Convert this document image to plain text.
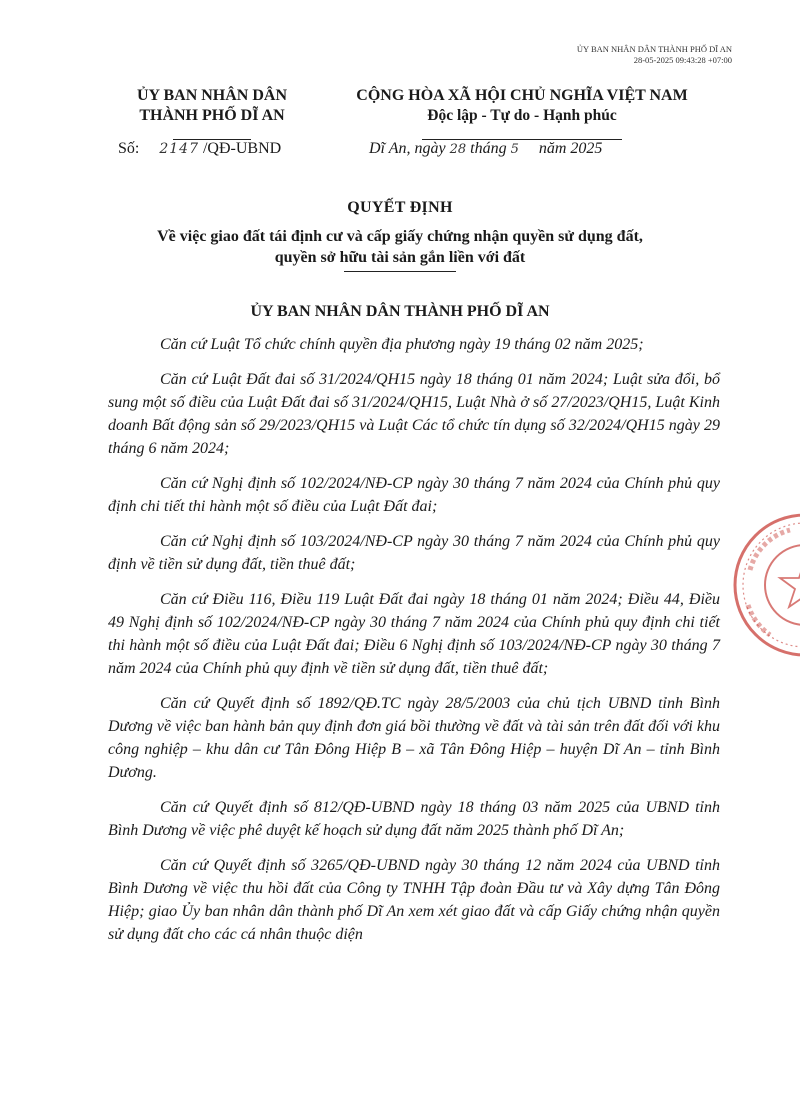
ỦY BAN NHÂN DÂN THÀNH PHỐ DĨ AN
28-05-2025 09:43:28 +07:00
ỦY BAN NHÂN DÂN
THÀNH PHỐ DĨ AN
CỘNG HÒA XÃ HỘI CHỦ NGHĨA VIỆT NAM
Độc lập - Tự do - Hạnh phúc
Số: 2147 /QĐ-UBND	Dĩ An, ngày 28 tháng 5 năm 2025
QUYẾT ĐỊNH
Về việc giao đất tái định cư và cấp giấy chứng nhận quyền sử dụng đất,
quyền sở hữu tài sản gắn liền với đất
ỦY BAN NHÂN DÂN THÀNH PHỐ DĨ AN

Căn cứ Luật Tổ chức chính quyền địa phương ngày 19 tháng 02 năm 2025;

Căn cứ Luật Đất đai số 31/2024/QH15 ngày 18 tháng 01 năm 2024; Luật sửa đổi, bổ sung một số điều của Luật Đất đai số 31/2024/QH15, Luật Nhà ở số 27/2023/QH15, Luật Kinh doanh Bất động sản số 29/2023/QH15 và Luật Các tổ chức tín dụng số 32/2024/QH15 ngày 29 tháng 6 năm 2024;

Căn cứ Nghị định số 102/2024/NĐ-CP ngày 30 tháng 7 năm 2024 của Chính phủ quy định chi tiết thi hành một số điều của Luật Đất đai;

Căn cứ Nghị định số 103/2024/NĐ-CP ngày 30 tháng 7 năm 2024 của Chính phủ quy định về tiền sử dụng đất, tiền thuê đất;

Căn cứ Điều 116, Điều 119 Luật Đất đai ngày 18 tháng 01 năm 2024; Điều 44, Điều 49 Nghị định số 102/2024/NĐ-CP ngày 30 tháng 7 năm 2024 của Chính phủ quy định chi tiết thi hành một số điều của Luật Đất đai; Điều 6 Nghị định số 103/2024/NĐ-CP ngày 30 tháng 7 năm 2024 của Chính phủ quy định về tiền sử dụng đất, tiền thuê đất;

Căn cứ Quyết định số 1892/QĐ.TC ngày 28/5/2003 của chủ tịch UBND tỉnh Bình Dương về việc ban hành bản quy định đơn giá bồi thường về đất và tài sản trên đất đối với khu công nghiệp – khu dân cư Tân Đông Hiệp B – xã Tân Đông Hiệp – huyện Dĩ An – tỉnh Bình Dương.

Căn cứ Quyết định số 812/QĐ-UBND ngày 18 tháng 03 năm 2025 của UBND tỉnh Bình Dương về việc phê duyệt kế hoạch sử dụng đất năm 2025 thành phố Dĩ An;

Căn cứ Quyết định số 3265/QĐ-UBND ngày 30 tháng 12 năm 2024 của UBND tỉnh Bình Dương về việc thu hồi đất của Công ty TNHH Tập đoàn Đầu tư và Xây dựng Tân Đông Hiệp; giao Ủy ban nhân dân thành phố Dĩ An xem xét giao đất và cấp Giấy chứng nhận quyền sử dụng đất cho các cá nhân thuộc diện
